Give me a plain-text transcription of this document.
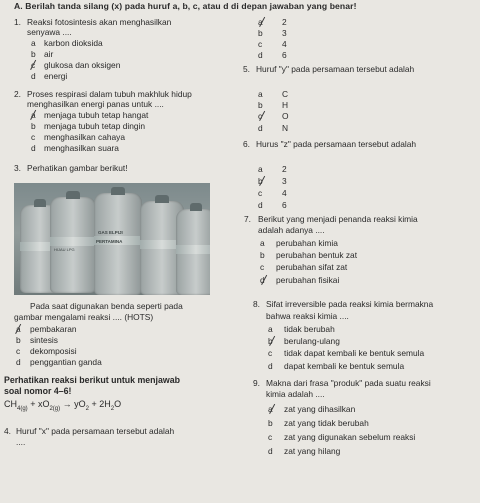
A. Berilah tanda silang (x) pada huruf a, b, c, atau d di depan jawaban yang benar!
1. Reaksi fotosintesis akan menghasilkan
senyawa ....
a karbon dioksida
b air
c glukosa dan oksigen
d energi
2. Proses respirasi dalam tubuh makhluk hidup
menghasilkan energi panas untuk ....
a menjaga tubuh tetap hangat
b menjaga tubuh tetap dingin
c menghasilkan cahaya
d menghasilkan suara
3. Perhatikan gambar berikut!
GAS ELPIJI
PERTAMINA
HIJAU LPG
Pada saat digunakan benda seperti pada
gambar mengalami reaksi .... (HOTS)
a pembakaran
b sintesis
c dekomposisi
d penggantian ganda
Perhatikan reaksi berikut untuk menjawab
soal nomor 4–6!
$CH_{4(g)} + xO_{2(g)} \to yO_2 + 2H_2O$
4. Huruf "x" pada persamaan tersebut adalah
....
a 2
b 3
c 4
d 6
5. Huruf "y" pada persamaan tersebut adalah
a C
b H
c O
d N
6. Hurus "z" pada persamaan tersebut adalah
a 2
b 3
c 4
d 6
7. Berikut yang menjadi penanda reaksi kimia
adalah adanya ....
a perubahan kimia
b perubahan bentuk zat
c perubahan sifat zat
d perubahan fisikai
8. Sifat irreversible pada reaksi kimia bermakna
bahwa reaksi kimia ....
a tidak berubah
b berulang-ulang
c tidak dapat kembali ke bentuk semula
d dapat kembali ke bentuk semula
9. Makna dari frasa "produk" pada suatu reaksi
kimia adalah ....
a zat yang dihasilkan
b zat yang tidak berubah
c zat yang digunakan sebelum reaksi
d zat yang hilang
